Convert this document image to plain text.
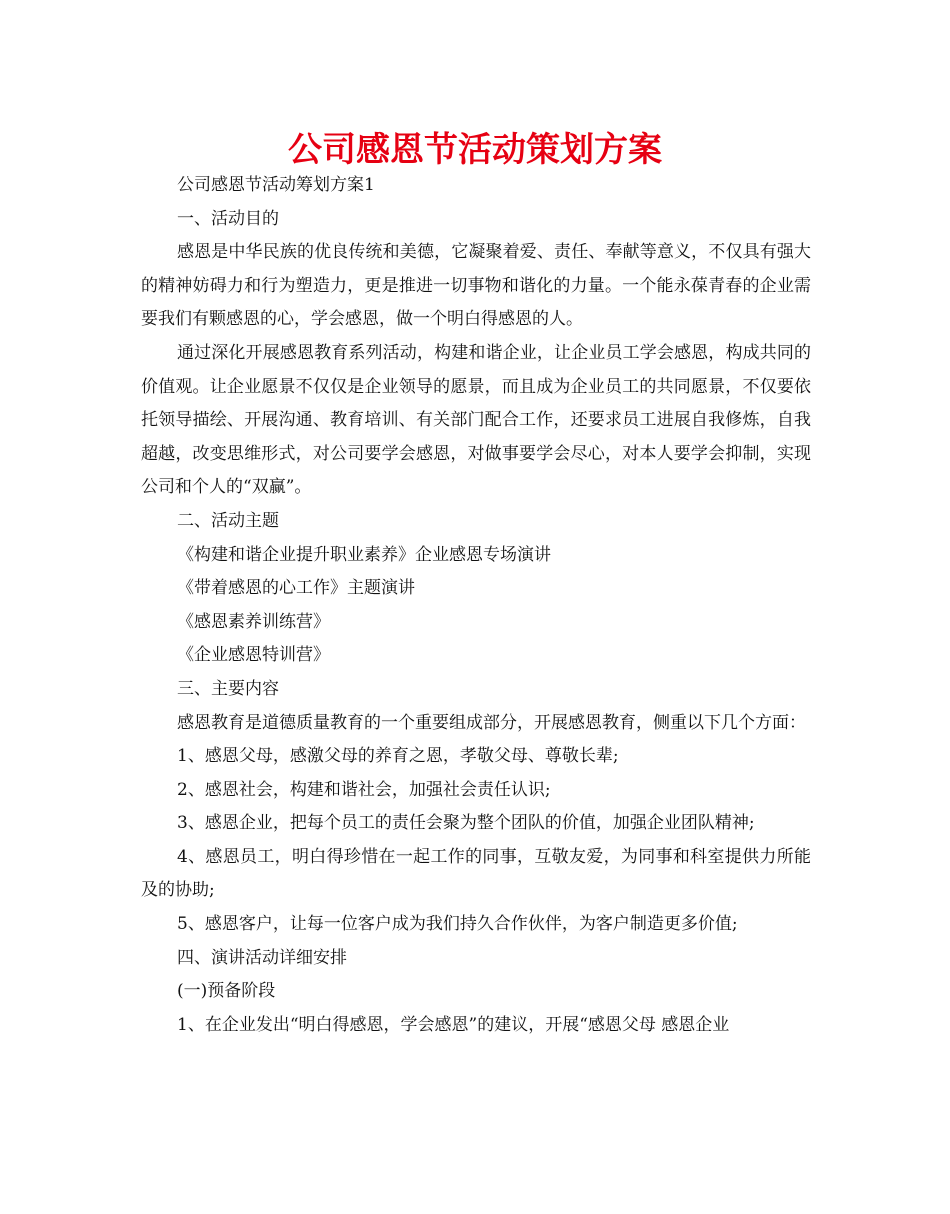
公司感恩节活动策划方案

公司感恩节活动筹划方案1

一、活动目的

感恩是中华民族的优良传统和美德，它凝聚着爱、责任、奉献等意义，不仅具有强大的精神妨碍力和行为塑造力，更是推进一切事物和谐化的力量。一个能永葆青春的企业需要我们有颗感恩的心，学会感恩，做一个明白得感恩的人。

通过深化开展感恩教育系列活动，构建和谐企业，让企业员工学会感恩，构成共同的价值观。让企业愿景不仅仅是企业领导的愿景，而且成为企业员工的共同愿景，不仅要依托领导描绘、开展沟通、教育培训、有关部门配合工作，还要求员工进展自我修炼，自我超越，改变思维形式，对公司要学会感恩，对做事要学会尽心，对本人要学会抑制，实现公司和个人的“双赢”。

二、活动主题

《构建和谐企业提升职业素养》企业感恩专场演讲

《带着感恩的心工作》主题演讲

《感恩素养训练营》

《企业感恩特训营》

三、主要内容

感恩教育是道德质量教育的一个重要组成部分，开展感恩教育，侧重以下几个方面：

1、感恩父母，感激父母的养育之恩，孝敬父母、尊敬长辈;

2、感恩社会，构建和谐社会，加强社会责任认识;

3、感恩企业，把每个员工的责任会聚为整个团队的价值，加强企业团队精神;

4、感恩员工，明白得珍惜在一起工作的同事，互敬友爱，为同事和科室提供力所能及的协助;

5、感恩客户，让每一位客户成为我们持久合作伙伴，为客户制造更多价值;

四、演讲活动详细安排

(一)预备阶段

1、在企业发出“明白得感恩，学会感恩”的建议，开展“感恩父母 感恩企业
